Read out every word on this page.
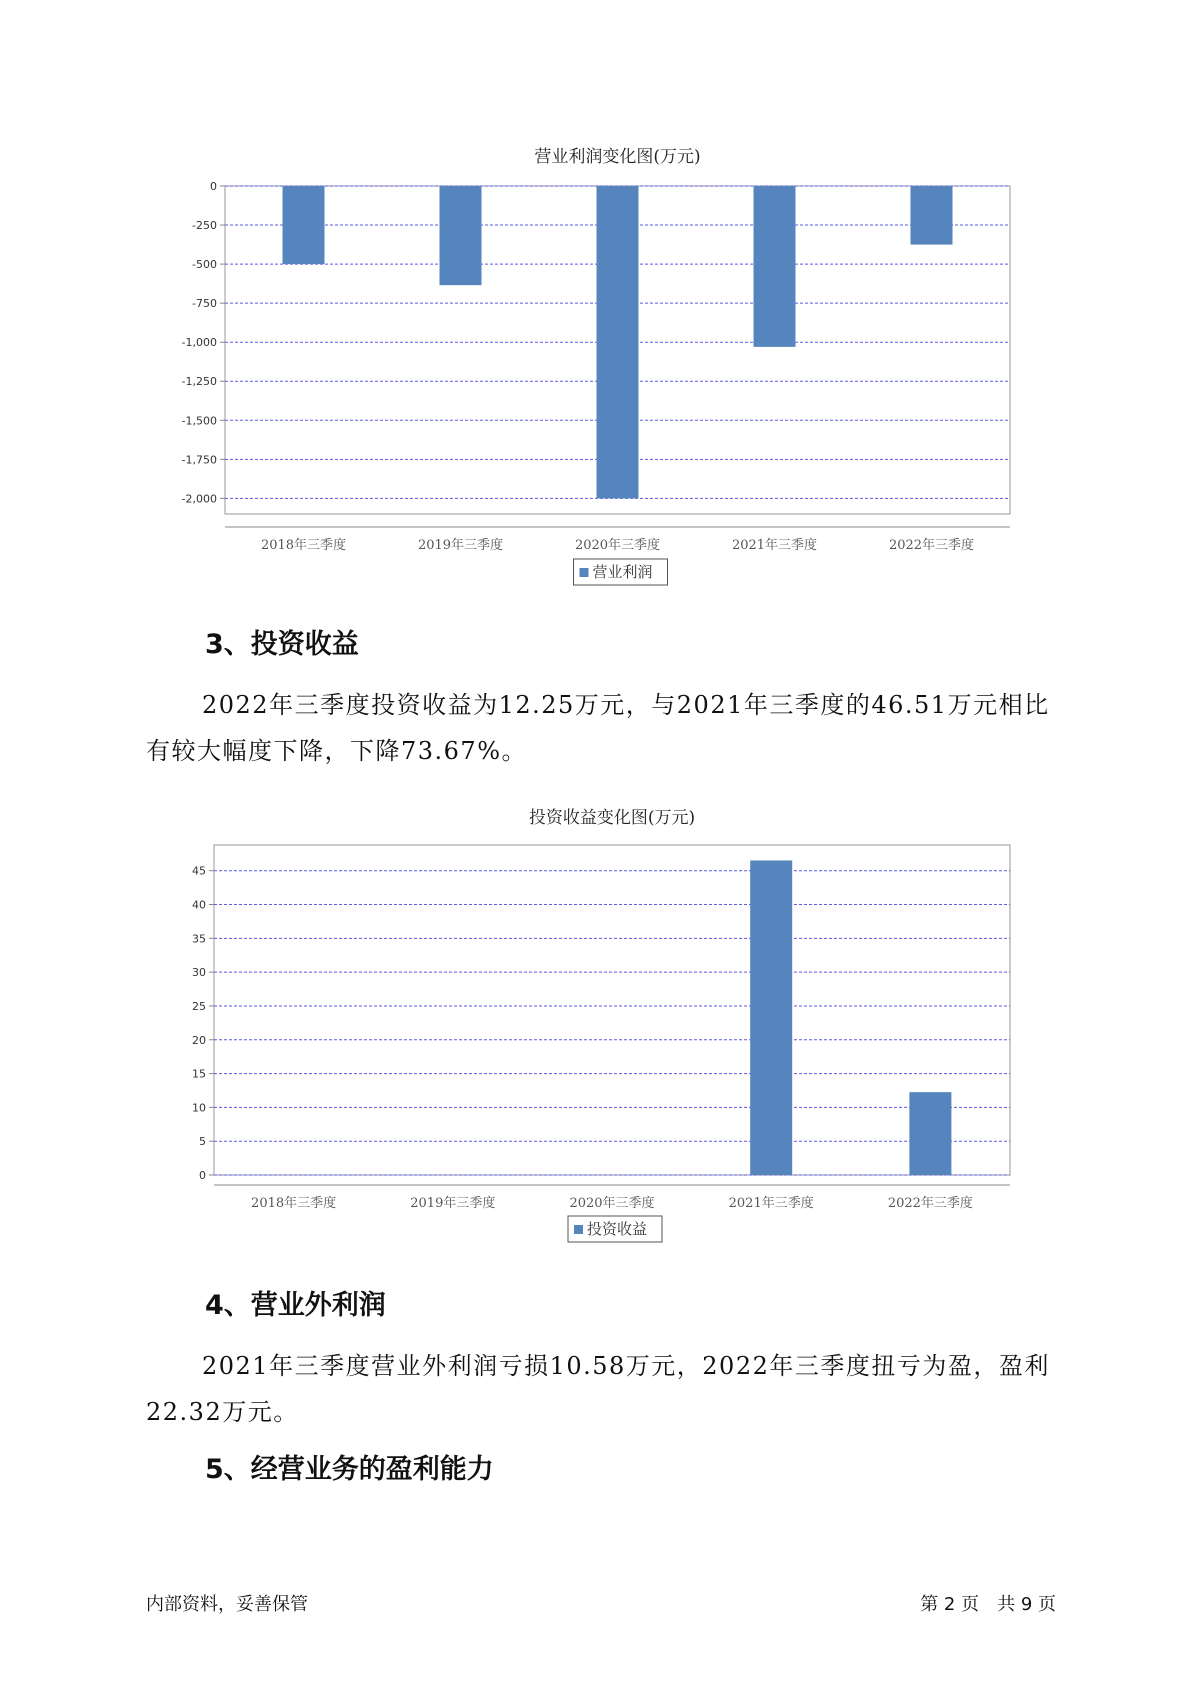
营业利润变化图(万元)
0
-250
-500
-750
-1,000
-1,250
-1,500
-1,750
-2,000
2018年三季度	2019年三季度	2020年三季度	2021年三季度	2022年三季度
营业利润
3、投资收益

2022年三季度投资收益为12.25万元，与2021年三季度的46.51万元相比有较大幅度下降，下降73.67%。

投资收益变化图(万元)
0
5
10
15
20
25
30
35
40
45
2018年三季度	2019年三季度	2020年三季度	2021年三季度	2022年三季度
投资收益
4、营业外利润

2021年三季度营业外利润亏损10.58万元，2022年三季度扭亏为盈，盈利22.32万元。

5、经营业务的盈利能力
内部资料，妥善保管	第 2 页　共 9 页
